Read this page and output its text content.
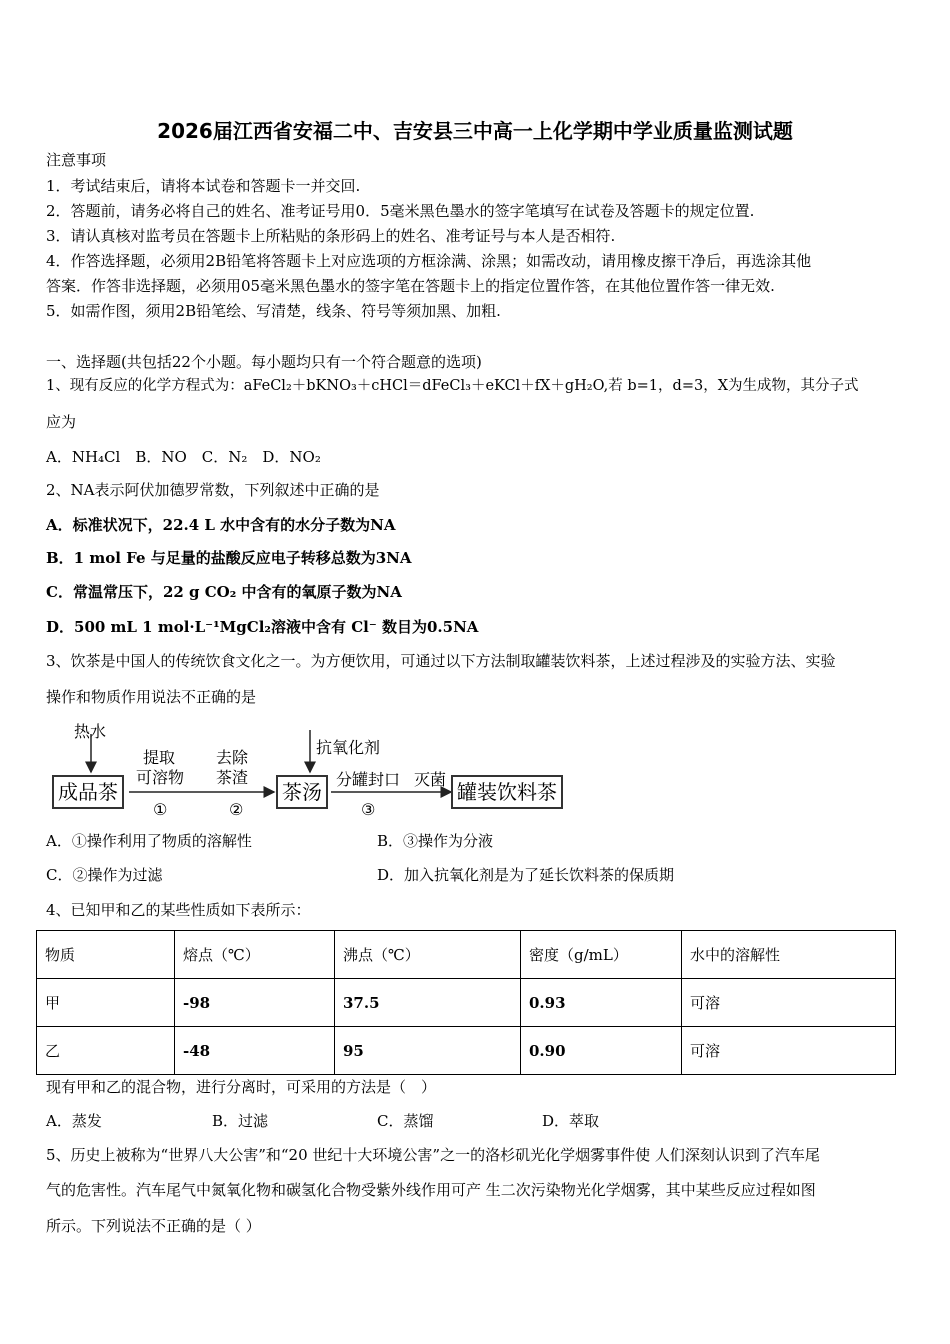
2026届江西省安福二中、吉安县三中高一上化学期中学业质量监测试题
注意事项
1．考试结束后，请将本试卷和答题卡一并交回.
2．答题前，请务必将自己的姓名、准考证号用0．5毫米黑色墨水的签字笔填写在试卷及答题卡的规定位置.
3．请认真核对监考员在答题卡上所粘贴的条形码上的姓名、准考证号与本人是否相符.
4．作答选择题，必须用2B铅笔将答题卡上对应选项的方框涂满、涂黑；如需改动，请用橡皮擦干净后，再选涂其他
答案．作答非选择题，必须用05毫米黑色墨水的签字笔在答题卡上的指定位置作答，在其他位置作答一律无效.
5．如需作图，须用2B铅笔绘、写清楚，线条、符号等须加黑、加粗.
一、选择题(共包括22个小题。每小题均只有一个符合题意的选项)
1、现有反应的化学方程式为：aFeCl₂＋bKNO₃＋cHCl＝dFeCl₃＋eKCl＋fX＋gH₂O,若 b=1，d=3，X为生成物，其分子式
应为
A．NH₄Cl　B．NO　C．N₂　D．NO₂
2、NA表示阿伏加德罗常数，下列叙述中正确的是
A．标准状况下，22.4 L 水中含有的水分子数为NA
B．1 mol Fe 与足量的盐酸反应电子转移总数为3NA
C．常温常压下，22 g CO₂ 中含有的氧原子数为NA
D．500 mL 1 mol·L⁻¹MgCl₂溶液中含有 Cl⁻ 数目为0.5NA
3、饮茶是中国人的传统饮食文化之一。为方便饮用，可通过以下方法制取罐装饮料茶，上述过程涉及的实验方法、实验
操作和物质作用说法不正确的是
热水
成品茶
提取
可溶物
①
去除
茶渣
②
抗氧化剂
茶汤
分罐封口
③
灭菌
罐装饮料茶
A．①操作利用了物质的溶解性	B．③操作为分液
C．②操作为过滤	D．加入抗氧化剂是为了延长饮料茶的保质期
4、已知甲和乙的某些性质如下表所示：
物质	熔点（℃）	沸点（℃）	密度（g/mL）	水中的溶解性
甲	-98	37.5	0.93	可溶
乙	-48	95	0.90	可溶
现有甲和乙的混合物，进行分离时，可采用的方法是（　）
A．蒸发	B．过滤	C．蒸馏	D．萃取
5、历史上被称为“世界八大公害”和“20 世纪十大环境公害”之一的洛杉矶光化学烟雾事件使 人们深刻认识到了汽车尾
气的危害性。汽车尾气中氮氧化物和碳氢化合物受紫外线作用可产 生二次污染物光化学烟雾，其中某些反应过程如图
所示。下列说法不正确的是（ ）
